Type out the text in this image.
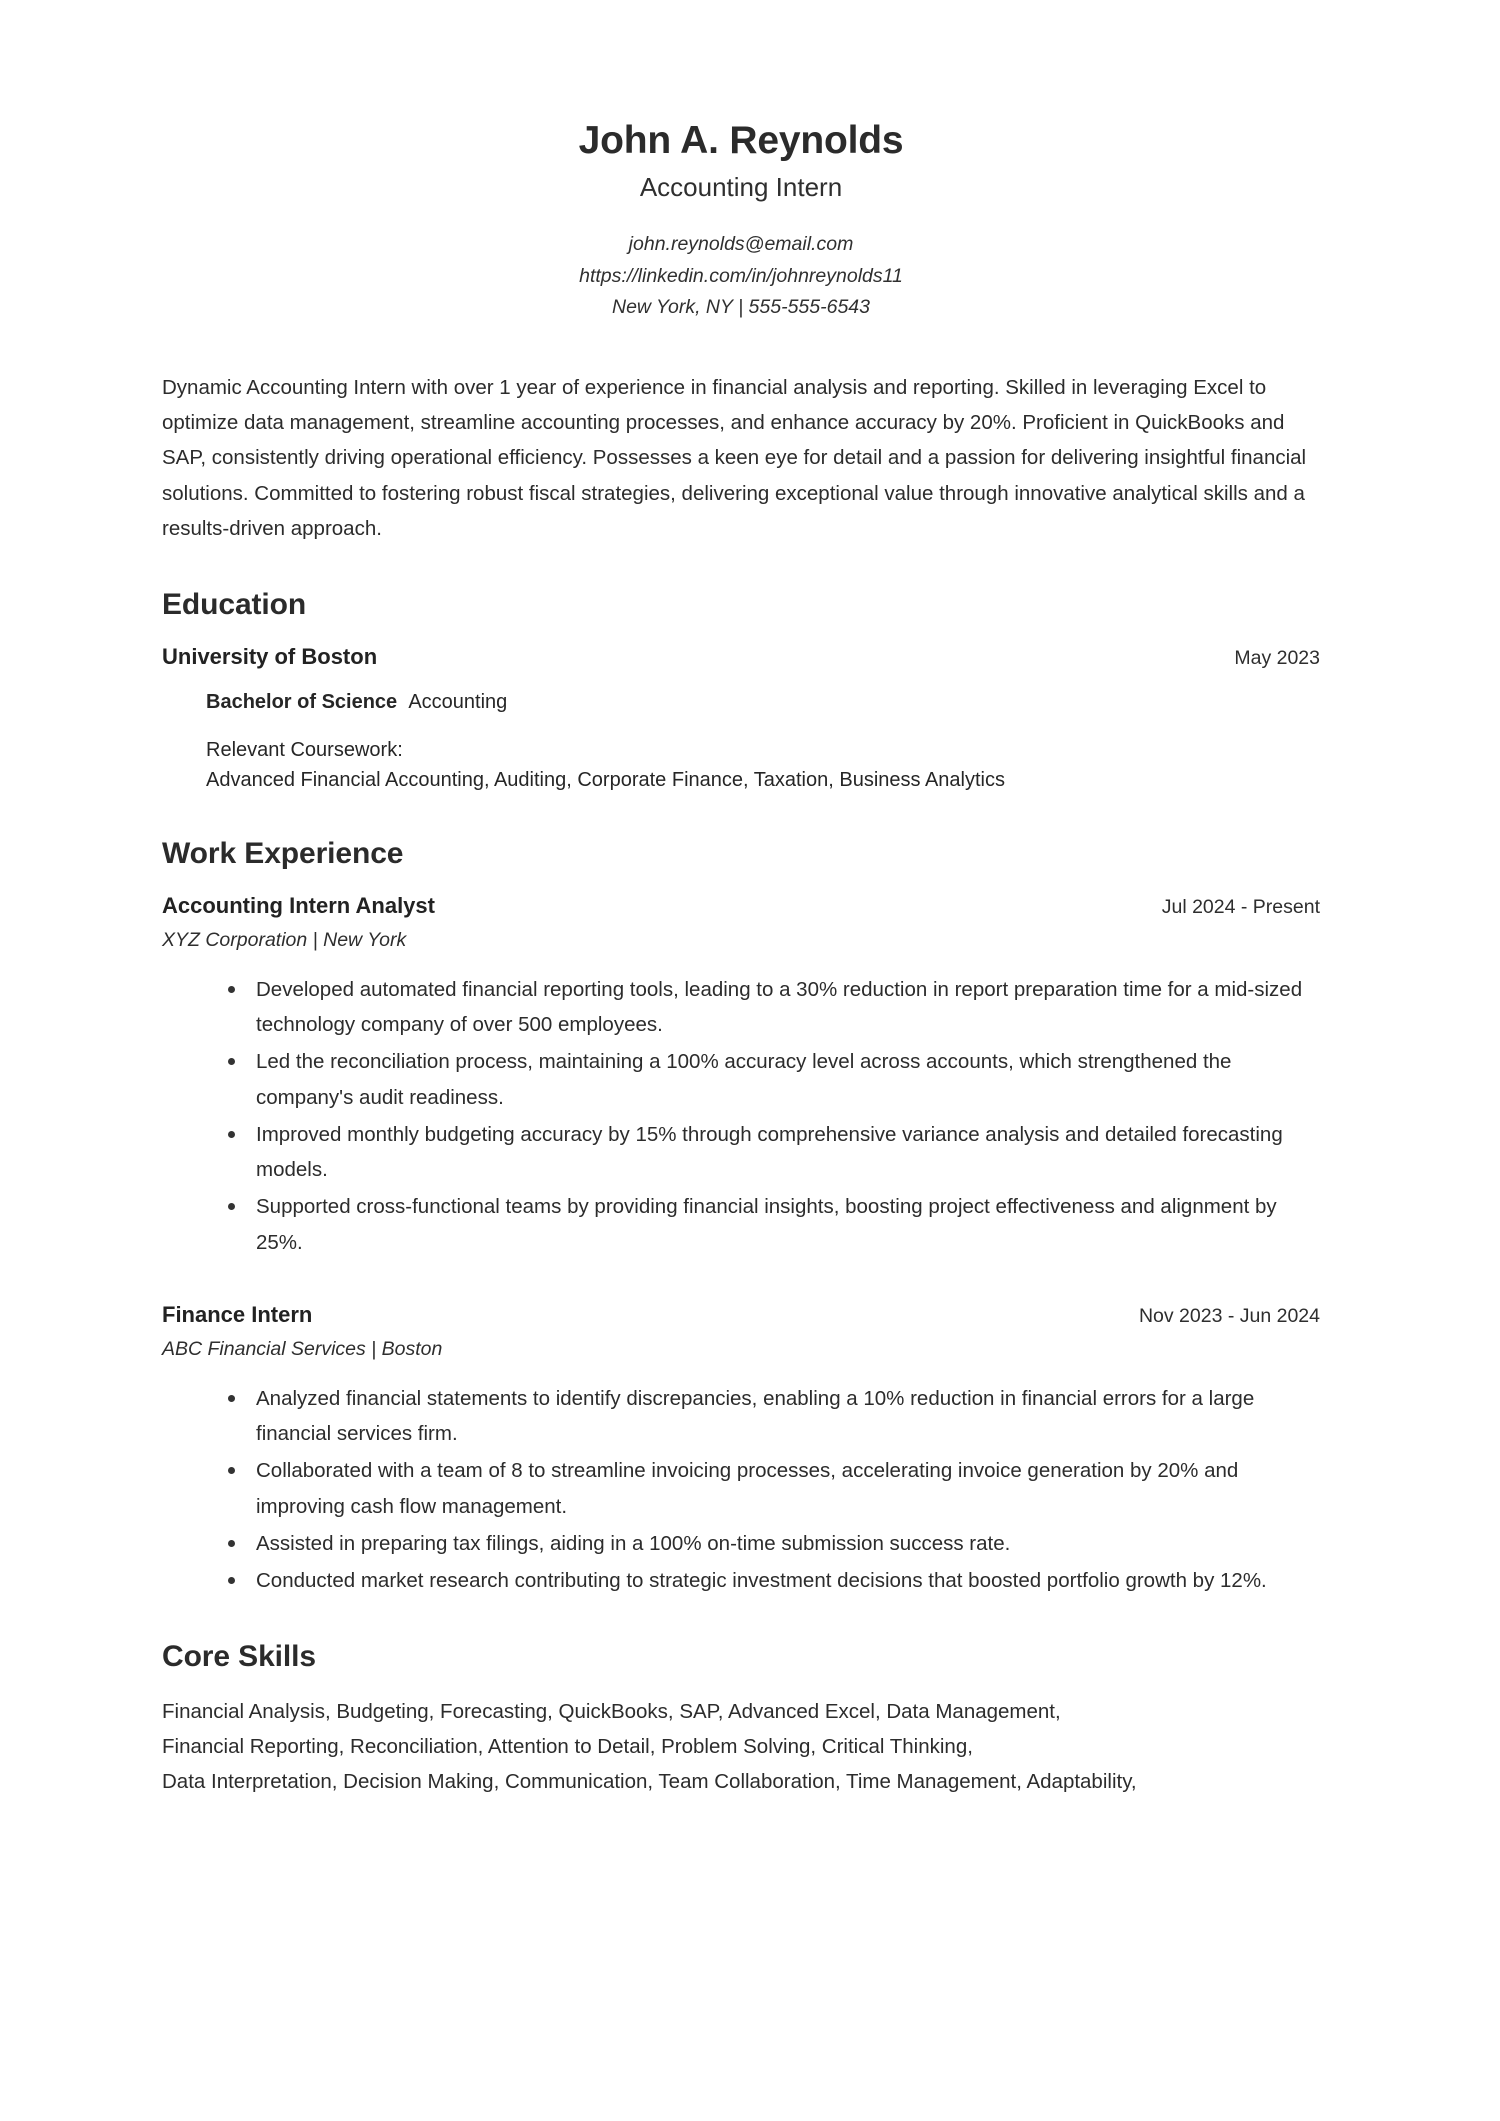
John A. Reynolds
Accounting Intern
john.reynolds@email.com
https://linkedin.com/in/johnreynolds11
New York, NY | 555-555-6543

Dynamic Accounting Intern with over 1 year of experience in financial analysis and reporting. Skilled in leveraging Excel to optimize data management, streamline accounting processes, and enhance accuracy by 20%. Proficient in QuickBooks and SAP, consistently driving operational efficiency. Possesses a keen eye for detail and a passion for delivering insightful financial solutions. Committed to fostering robust fiscal strategies, delivering exceptional value through innovative analytical skills and a results-driven approach.

Education
University of Boston	May 2023
Bachelor of Science Accounting
Relevant Coursework:
Advanced Financial Accounting, Auditing, Corporate Finance, Taxation, Business Analytics
Work Experience
Accounting Intern Analyst	Jul 2024 - Present
XYZ Corporation | New York
Developed automated financial reporting tools, leading to a 30% reduction in report preparation time for a mid-sized technology company of over 500 employees.
Led the reconciliation process, maintaining a 100% accuracy level across accounts, which strengthened the company's audit readiness.
Improved monthly budgeting accuracy by 15% through comprehensive variance analysis and detailed forecasting models.
Supported cross-functional teams by providing financial insights, boosting project effectiveness and alignment by 25%.
Finance Intern	Nov 2023 - Jun 2024
ABC Financial Services | Boston
Analyzed financial statements to identify discrepancies, enabling a 10% reduction in financial errors for a large financial services firm.
Collaborated with a team of 8 to streamline invoicing processes, accelerating invoice generation by 20% and improving cash flow management.
Assisted in preparing tax filings, aiding in a 100% on-time submission success rate.
Conducted market research contributing to strategic investment decisions that boosted portfolio growth by 12%.
Core Skills
Financial Analysis, Budgeting, Forecasting, QuickBooks, SAP, Advanced Excel, Data Management,
Financial Reporting, Reconciliation, Attention to Detail, Problem Solving, Critical Thinking,
Data Interpretation, Decision Making, Communication, Team Collaboration, Time Management, Adaptability,
